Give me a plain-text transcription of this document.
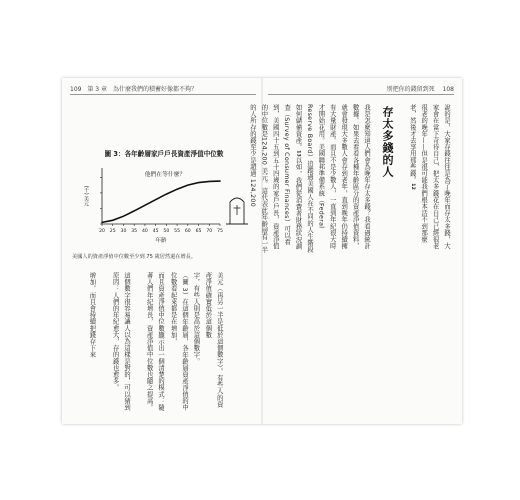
109 第 3 章　為什麼我們的積蓄好像都不夠？	別把你的錢留到死 108
圖 3：各年齡層家戶戶長資產淨值中位數
20 25 30 35 40 45 50 55 60 65 70 75
年齡
(千) 美元
他們在等什麼？
美國人的資產淨值中位數至少到 75 歲居然還在增長。
說的是，大家存錢往往是為了晚年而存太多錢，大家會在當下苛待自己，把太多錢花在自己已經很老很老的晚年——但是很可能我們根本活不到那麼老，然後才去享用那些錢。12
存太多錢的人
我是怎麼知道人們會為晚年存太多錢？我看過統計數據。如果去看看各種年齡區分的資產淨值資料，就會發現大多數人會存到老年，直到晚年仍持續擁有大量財產。而且不是少數人，一直到年紀很大時才開始花用。美國聯邦準備系統（Federal Reserve Board）追蹤過美國人在不同的人生階段如何儲備資產。13以如，我們從消費者財務狀況調查（Survey of Consumer Finances）可以看到，美國四十五到五十四歲的家戶戶長，資產淨值的中位數是124,200 美元。這代表此年齡層有一半的人所存的錢至少是超過 124,200
美元（再另一半是低於這個數字）。有些人的資產淨值確實低於這個數
字，有些人則是高於這個數字。
（圖 3）在這個年齡層，各年齡層資產淨值的中位數看起來都是在增加，
而且資產淨值中位數顯示出一個清楚的模式：隨著人們年紀增長，資產淨值中位數也隨之提高。
這個數字很容易讓人以為這樣是對的，可以猜到原因：人們的年紀愈大，存的錢也愈多。
增加，而且會持續把錢存下來
